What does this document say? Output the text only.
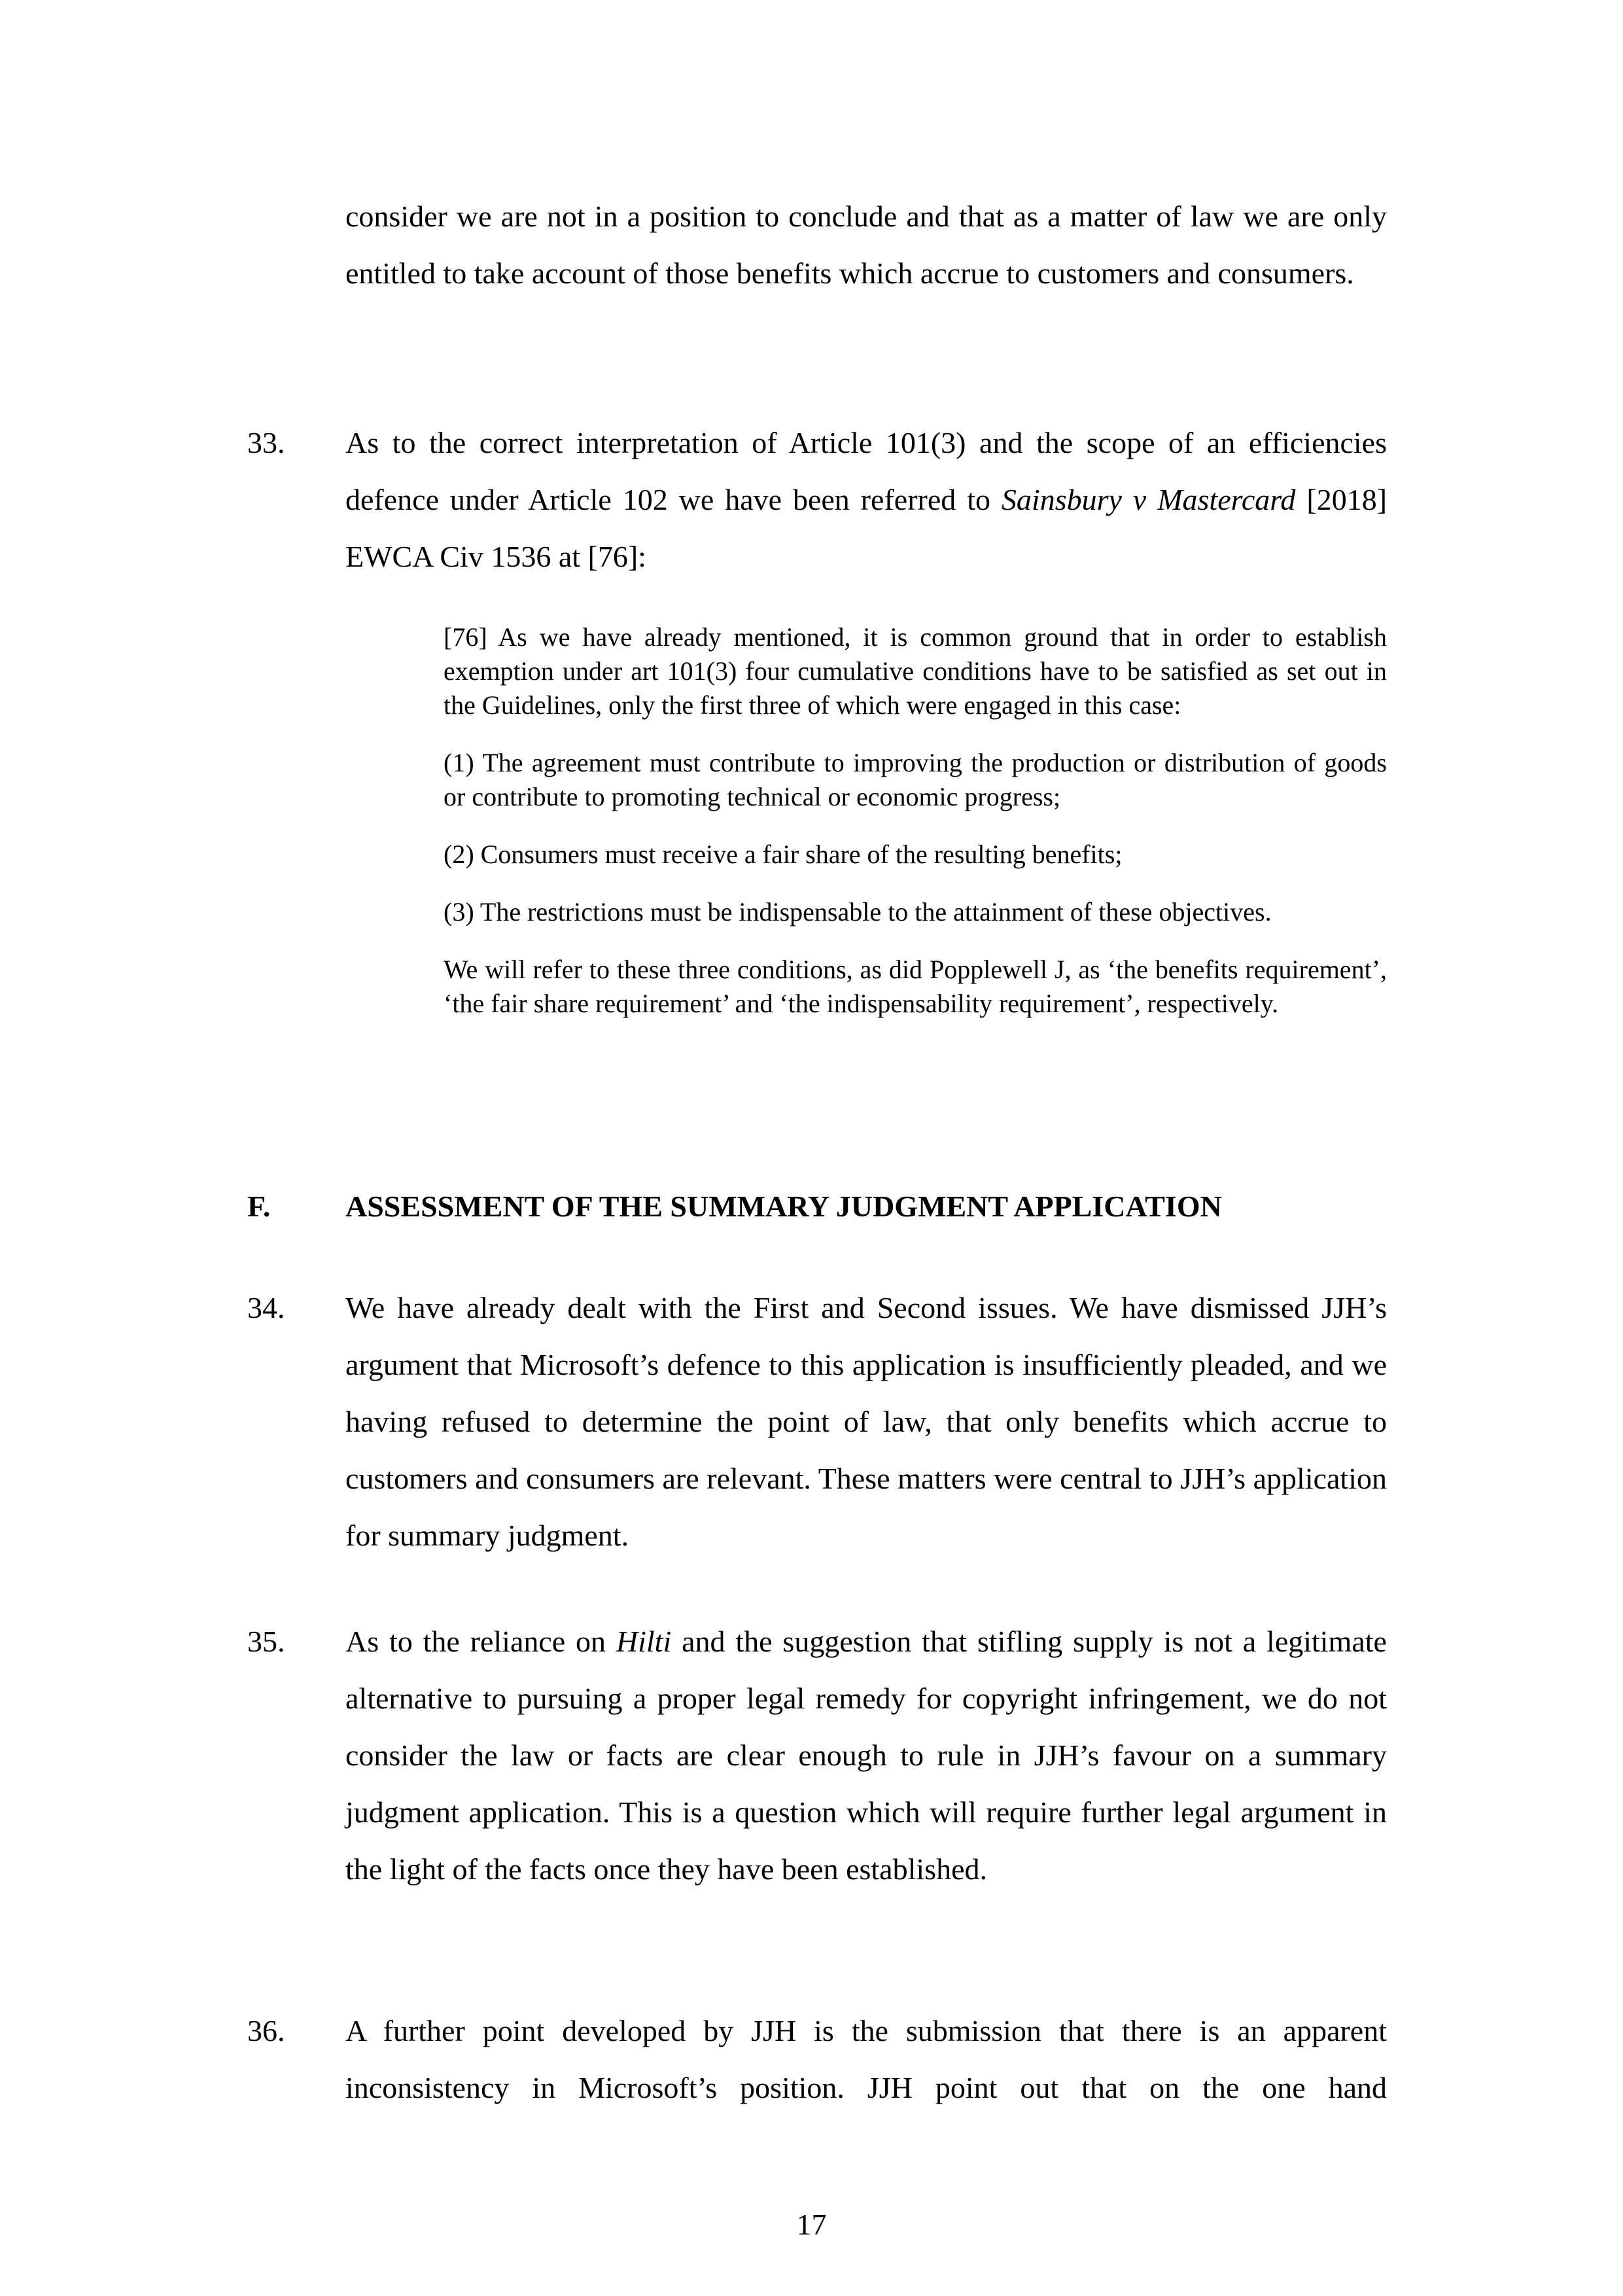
consider we are not in a position to conclude and that as a matter of law we are only entitled to take account of those benefits which accrue to customers and consumers.

33. As to the correct interpretation of Article 101(3) and the scope of an efficiencies defence under Article 102 we have been referred to Sainsbury v Mastercard [2018] EWCA Civ 1536 at [76]:

[76] As we have already mentioned, it is common ground that in order to establish exemption under art 101(3) four cumulative conditions have to be satisfied as set out in the Guidelines, only the first three of which were engaged in this case:

(1) The agreement must contribute to improving the production or distribution of goods or contribute to promoting technical or economic progress;

(2) Consumers must receive a fair share of the resulting benefits;

(3) The restrictions must be indispensable to the attainment of these objectives.

We will refer to these three conditions, as did Popplewell J, as ‘the benefits requirement’, ‘the fair share requirement’ and ‘the indispensability requirement’, respectively.

F. ASSESSMENT OF THE SUMMARY JUDGMENT APPLICATION
34. We have already dealt with the First and Second issues. We have dismissed JJH’s argument that Microsoft’s defence to this application is insufficiently pleaded, and we having refused to determine the point of law, that only benefits which accrue to customers and consumers are relevant. These matters were central to JJH’s application for summary judgment.

35. As to the reliance on Hilti and the suggestion that stifling supply is not a legitimate alternative to pursuing a proper legal remedy for copyright infringement, we do not consider the law or facts are clear enough to rule in JJH’s favour on a summary judgment application. This is a question which will require further legal argument in the light of the facts once they have been established.

36. A further point developed by JJH is the submission that there is an apparent inconsistency in Microsoft’s position. JJH point out that on the one hand

17
